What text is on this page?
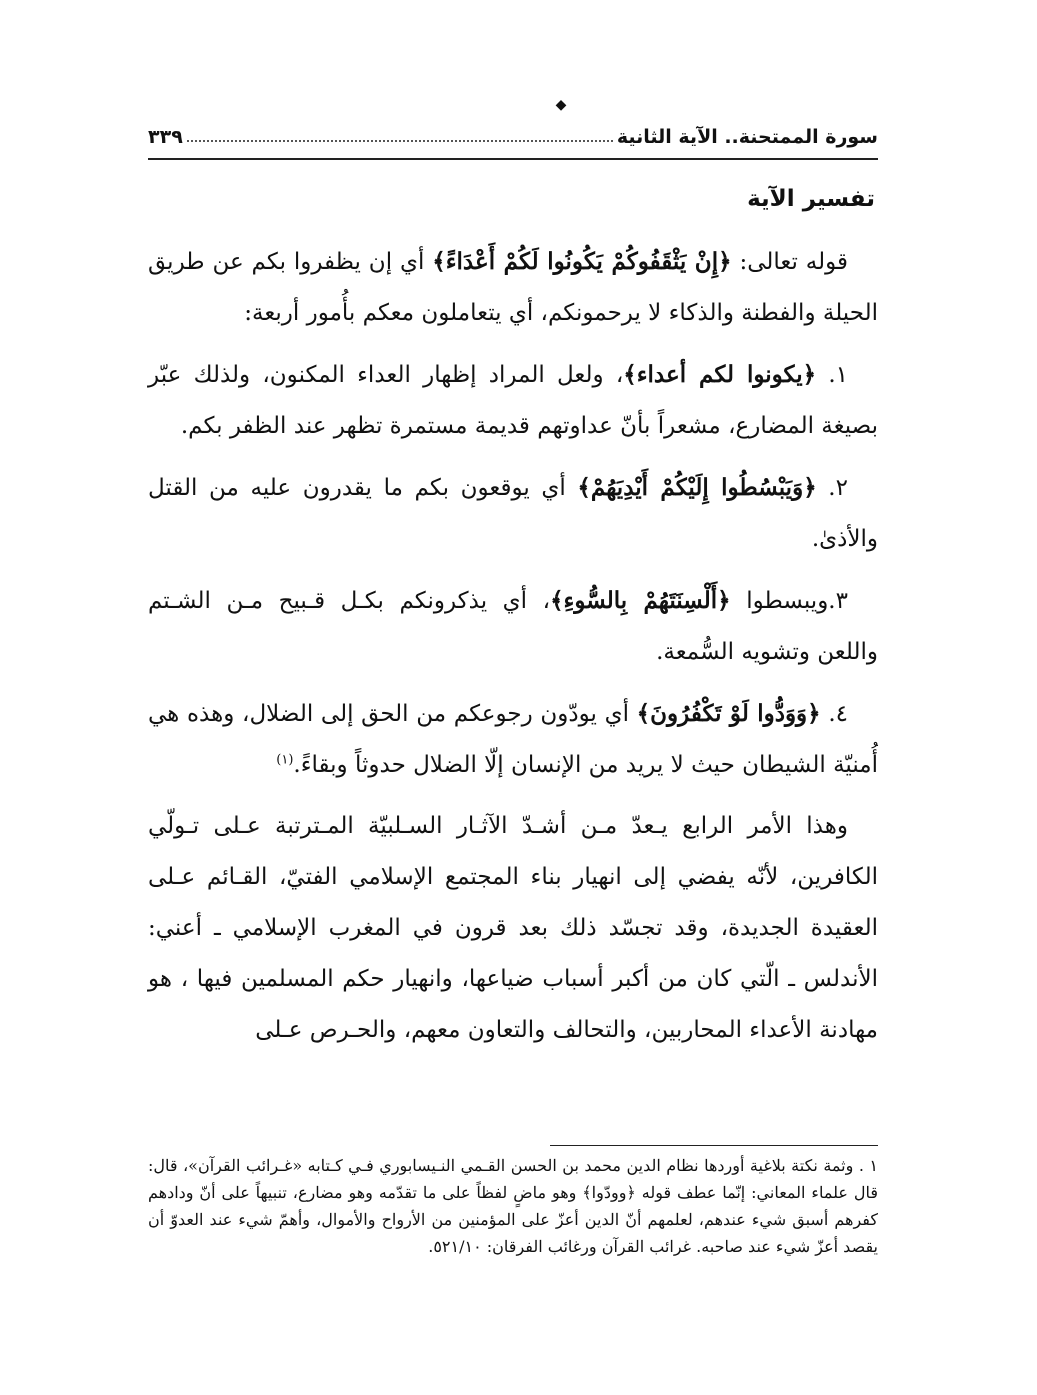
◆
سورة الممتحنة.. الآية الثانية
٣٣٩
تفسير الآية

قوله تعالى: ﴿إِنْ يَثْقَفُوكُمْ يَكُونُوا لَكُمْ أَعْدَاءً﴾ أي إن يظفروا بكم عن طريق الحيلة والفطنة والذكاء لا يرحمونكم، أي يتعاملون معكم بأُمور أربعة:

١. ﴿يكونوا لكم أعداء﴾، ولعل المراد إظهار العداء المكنون، ولذلك عبّر بصيغة المضارع، مشعراً بأنّ عداوتهم قديمة مستمرة تظهر عند الظفر بكم.

٢. ﴿وَيَبْسُطُوا إِلَيْكُمْ أَيْدِيَهُمْ﴾ أي يوقعون بكم ما يقدرون عليه من القتل والأذىٰ.

٣.ويبسطوا ﴿أَلْسِنَتَهُمْ بِالسُّوءِ﴾، أي يذكرونكم بكـل قـبيح مـن الشـتم واللعن وتشويه السُّمعة.

٤. ﴿وَوَدُّوا لَوْ تَكْفُرُونَ﴾ أي يودّون رجوعكم من الحق إلى الضلال، وهذه هي أُمنيّة الشيطان حيث لا يريد من الإنسان إلّا الضلال حدوثاً وبقاءً.$^{(١)}$

وهذا الأمر الرابع يـعدّ مـن أشـدّ الآثـار السـلبيّة المـترتبة عـلى تـولّي الكافرين، لأنّه يفضي إلى انهيار بناء المجتمع الإسلامي الفتيّ، القـائم عـلى العقيدة الجديدة، وقد تجسّد ذلك بعد قرون في المغرب الإسلامي ـ أعني: الأندلس ـ الّتي كان من أكبر أسباب ضياعها، وانهيار حكم المسلمين فيها ، هو مهادنة الأعداء المحاربين، والتحالف والتعاون معهم، والحـرص عـلى

١ . وثمة نكتة بلاغية أوردها نظام الدين محمد بن الحسن القـمي النـيسابوري فـي كـتابه «غـرائب القرآن»، قال: قال علماء المعاني: إنّما عطف قوله ﴿وودّوا﴾ وهو ماضٍ لفظاً على ما تقدّمه وهو مضارع، تنبيهاً على أنّ ودادهم كفرهم أسبق شيء عندهم، لعلمهم أنّ الدين أعزّ على المؤمنين من الأرواح والأموال، وأهمّ شيء عند العدوّ أن يقصد أعزّ شيء عند صاحبه. غرائب القرآن ورغائب الفرقان: ٥٢١/١٠.
